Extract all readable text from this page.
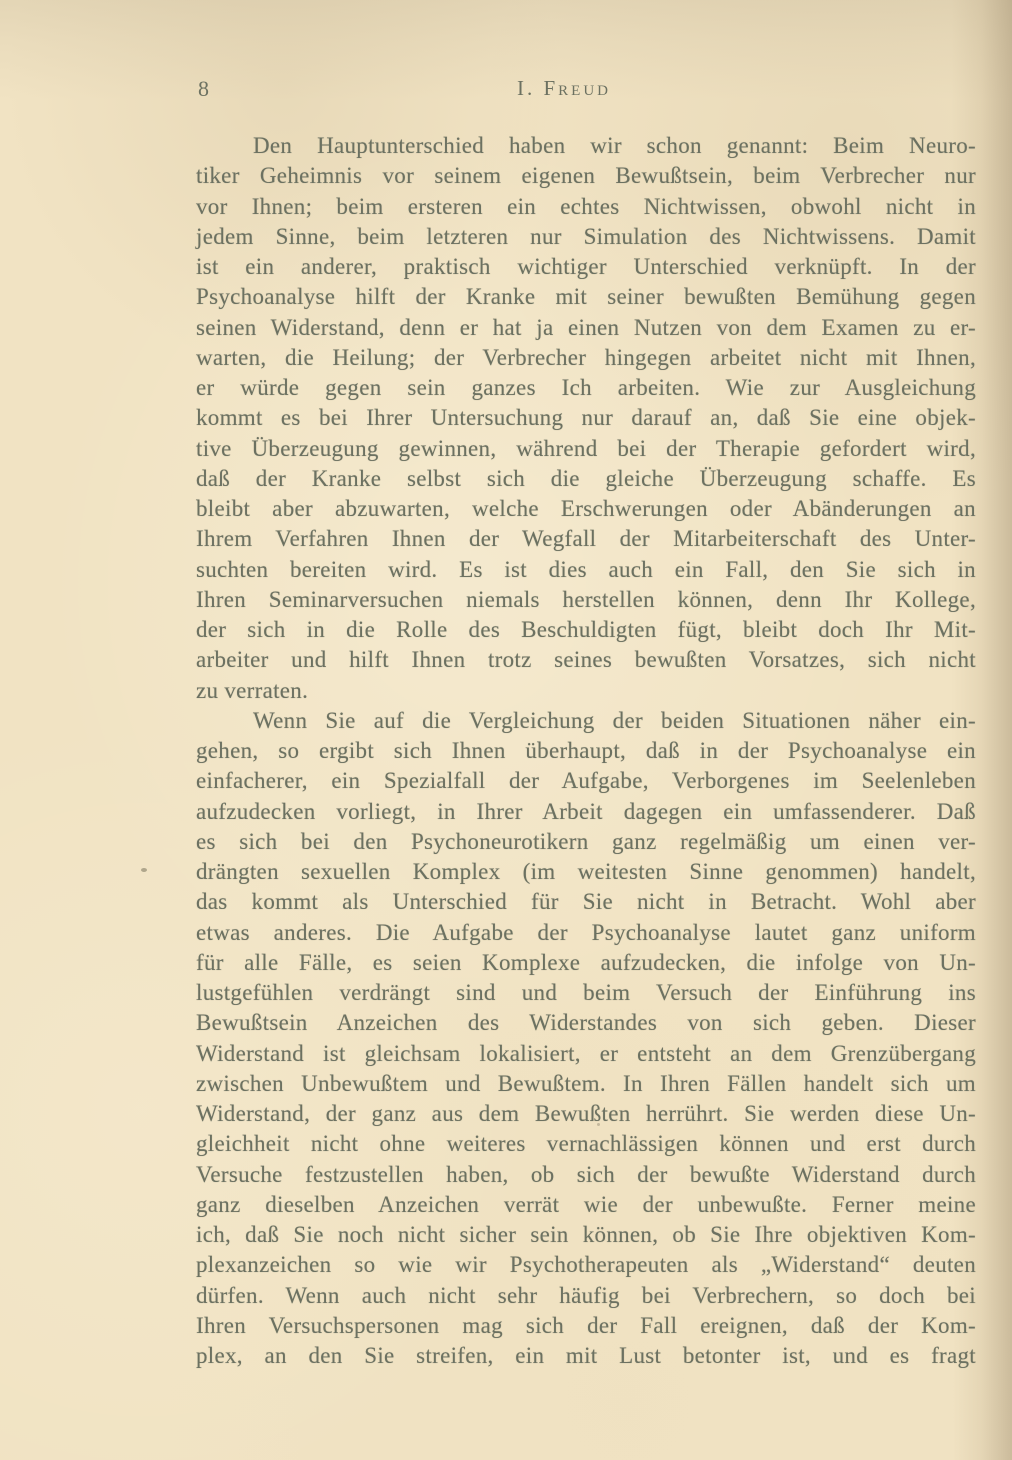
8	I. Freud
Den Hauptunterschied haben wir schon genannt: Beim Neuro-
tiker Geheimnis vor seinem eigenen Bewußtsein, beim Verbrecher nur
vor Ihnen; beim ersteren ein echtes Nichtwissen, obwohl nicht in
jedem Sinne, beim letzteren nur Simulation des Nichtwissens. Damit
ist ein anderer, praktisch wichtiger Unterschied verknüpft. In der
Psychoanalyse hilft der Kranke mit seiner bewußten Bemühung gegen
seinen Widerstand, denn er hat ja einen Nutzen von dem Examen zu er-
warten, die Heilung; der Verbrecher hingegen arbeitet nicht mit Ihnen,
er würde gegen sein ganzes Ich arbeiten. Wie zur Ausgleichung
kommt es bei Ihrer Untersuchung nur darauf an, daß Sie eine objek-
tive Überzeugung gewinnen, während bei der Therapie gefordert wird,
daß der Kranke selbst sich die gleiche Überzeugung schaffe. Es
bleibt aber abzuwarten, welche Erschwerungen oder Abänderungen an
Ihrem Verfahren Ihnen der Wegfall der Mitarbeiterschaft des Unter-
suchten bereiten wird. Es ist dies auch ein Fall, den Sie sich in
Ihren Seminarversuchen niemals herstellen können, denn Ihr Kollege,
der sich in die Rolle des Beschuldigten fügt, bleibt doch Ihr Mit-
arbeiter und hilft Ihnen trotz seines bewußten Vorsatzes, sich nicht
zu verraten.
Wenn Sie auf die Vergleichung der beiden Situationen näher ein-
gehen, so ergibt sich Ihnen überhaupt, daß in der Psychoanalyse ein
einfacherer, ein Spezialfall der Aufgabe, Verborgenes im Seelenleben
aufzudecken vorliegt, in Ihrer Arbeit dagegen ein umfassenderer. Daß
es sich bei den Psychoneurotikern ganz regelmäßig um einen ver-
drängten sexuellen Komplex (im weitesten Sinne genommen) handelt,
das kommt als Unterschied für Sie nicht in Betracht. Wohl aber
etwas anderes. Die Aufgabe der Psychoanalyse lautet ganz uniform
für alle Fälle, es seien Komplexe aufzudecken, die infolge von Un-
lustgefühlen verdrängt sind und beim Versuch der Einführung ins
Bewußtsein Anzeichen des Widerstandes von sich geben. Dieser
Widerstand ist gleichsam lokalisiert, er entsteht an dem Grenzübergang
zwischen Unbewußtem und Bewußtem. In Ihren Fällen handelt sich um
Widerstand, der ganz aus dem Bewußten herrührt. Sie werden diese Un-
gleichheit nicht ohne weiteres vernachlässigen können und erst durch
Versuche festzustellen haben, ob sich der bewußte Widerstand durch
ganz dieselben Anzeichen verrät wie der unbewußte. Ferner meine
ich, daß Sie noch nicht sicher sein können, ob Sie Ihre objektiven Kom-
plexanzeichen so wie wir Psychotherapeuten als „Widerstand“ deuten
dürfen. Wenn auch nicht sehr häufig bei Verbrechern, so doch bei
Ihren Versuchspersonen mag sich der Fall ereignen, daß der Kom-
plex, an den Sie streifen, ein mit Lust betonter ist, und es fragt
